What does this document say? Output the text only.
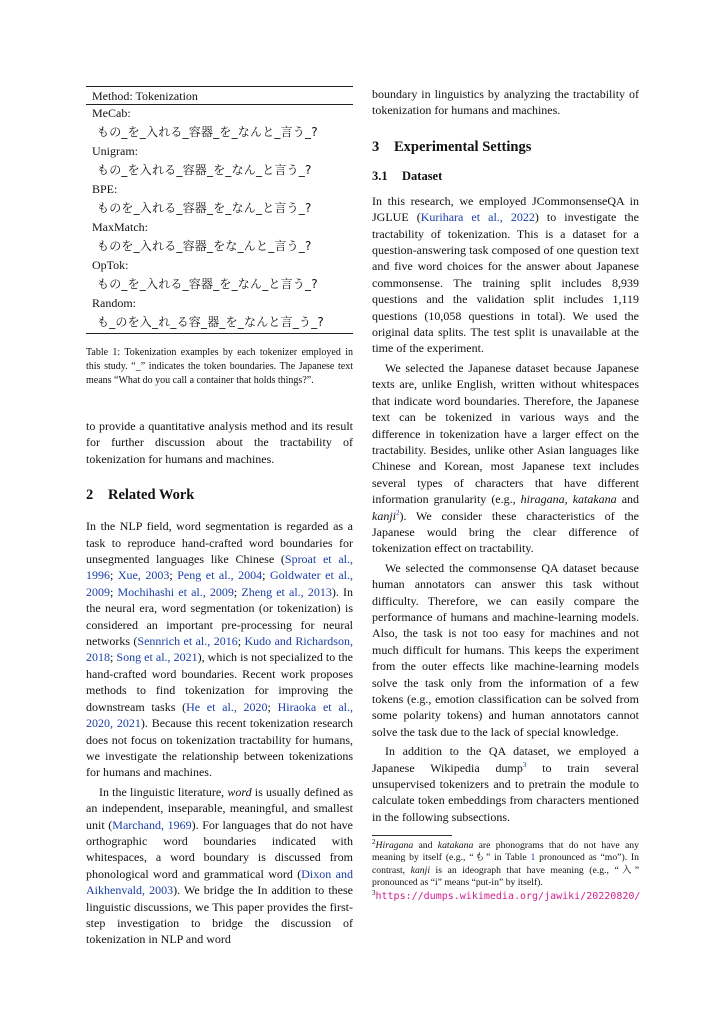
Method: Tokenization
MeCab:
もの_を_入れる_容器_を_なんと_言う_?
Unigram:
もの_を入れる_容器_を_なん_と言う_?
BPE:
ものを_入れる_容器_を_なん_と言う_?
MaxMatch:
ものを_入れる_容器_をな_んと_言う_?
OpTok:
もの_を_入れる_容器_を_なん_と言う_?
Random:
も_のを入_れ_る容_器_を_なんと言_う_?

Table 1: Tokenization examples by each tokenizer employed in this study. “_” indicates the token boundaries. The Japanese text means “What do you call a container that holds things?”.

to provide a quantitative analysis method and its result for further discussion about the tractability of tokenization for humans and machines.

2 Related Work

In the NLP field, word segmentation is regarded as a task to reproduce hand-crafted word boundaries for unsegmented languages like Chinese (Sproat et al., 1996; Xue, 2003; Peng et al., 2004; Goldwater et al., 2009; Mochihashi et al., 2009; Zheng et al., 2013). In the neural era, word segmentation (or tokenization) is considered an important pre-processing for neural networks (Sennrich et al., 2016; Kudo and Richardson, 2018; Song et al., 2021), which is not specialized to the hand-crafted word boundaries. Recent work proposes methods to find tokenization for improving the downstream tasks (He et al., 2020; Hiraoka et al., 2020, 2021). Because this recent tokenization research does not focus on tokenization tractability for humans, we investigate the relationship between tokenizations for humans and machines.

In the linguistic literature, word is usually defined as an independent, inseparable, meaningful, and smallest unit (Marchand, 1969). For languages that do not have orthographic word boundaries indicated with whitespaces, a word boundary is discussed from phonological word and grammatical word (Dixon and Aikhenvald, 2003). We bridge the In addition to these linguistic discussions, we This paper provides the first-step investigation to bridge the discussion of tokenization in NLP and word

boundary in linguistics by analyzing the tractability of tokenization for humans and machines.

3 Experimental Settings
3.1 Dataset

In this research, we employed JCommonsenseQA in JGLUE (Kurihara et al., 2022) to investigate the tractability of tokenization. This is a dataset for a question-answering task composed of one question text and five word choices for the answer about Japanese commonsense. The training split includes 8,939 questions and the validation split includes 1,119 questions (10,058 questions in total). We used the original data splits. The test split is unavailable at the time of the experiment.

We selected the Japanese dataset because Japanese texts are, unlike English, written without whitespaces that indicate word boundaries. Therefore, the Japanese text can be tokenized in various ways and the difference in tokenization have a larger effect on the tractability. Besides, unlike other Asian languages like Chinese and Korean, most Japanese text includes several types of characters that have different information granularity (e.g., hiragana, katakana and kanji$^2$). We consider these characteristics of the Japanese would bring the clear difference of tokenization effect on tractability.

We selected the commonsense QA dataset because human annotators can answer this task without difficulty. Therefore, we can easily compare the performance of humans and machine-learning models. Also, the task is not too easy for machines and not much difficult for humans. This keeps the experiment from the outer effects like machine-learning models solve the task only from the information of a few tokens (e.g., emotion classification can be solved from some polarity tokens) and human annotators cannot solve the task due to the lack of special knowledge.

In addition to the QA dataset, we employed a Japanese Wikipedia dump$^3$ to train several unsupervised tokenizers and to pretrain the module to calculate token embeddings from characters mentioned in the following subsections.

$^2$Hiragana and katakana are phonograms that do not have any meaning by itself (e.g., “も” in Table 1 pronounced as “mo”). In contrast, kanji is an ideograph that have meaning (e.g., “入” pronounced as “i” means “put-in” by itself).

$^3$https://dumps.wikimedia.org/jawiki/20220820/
